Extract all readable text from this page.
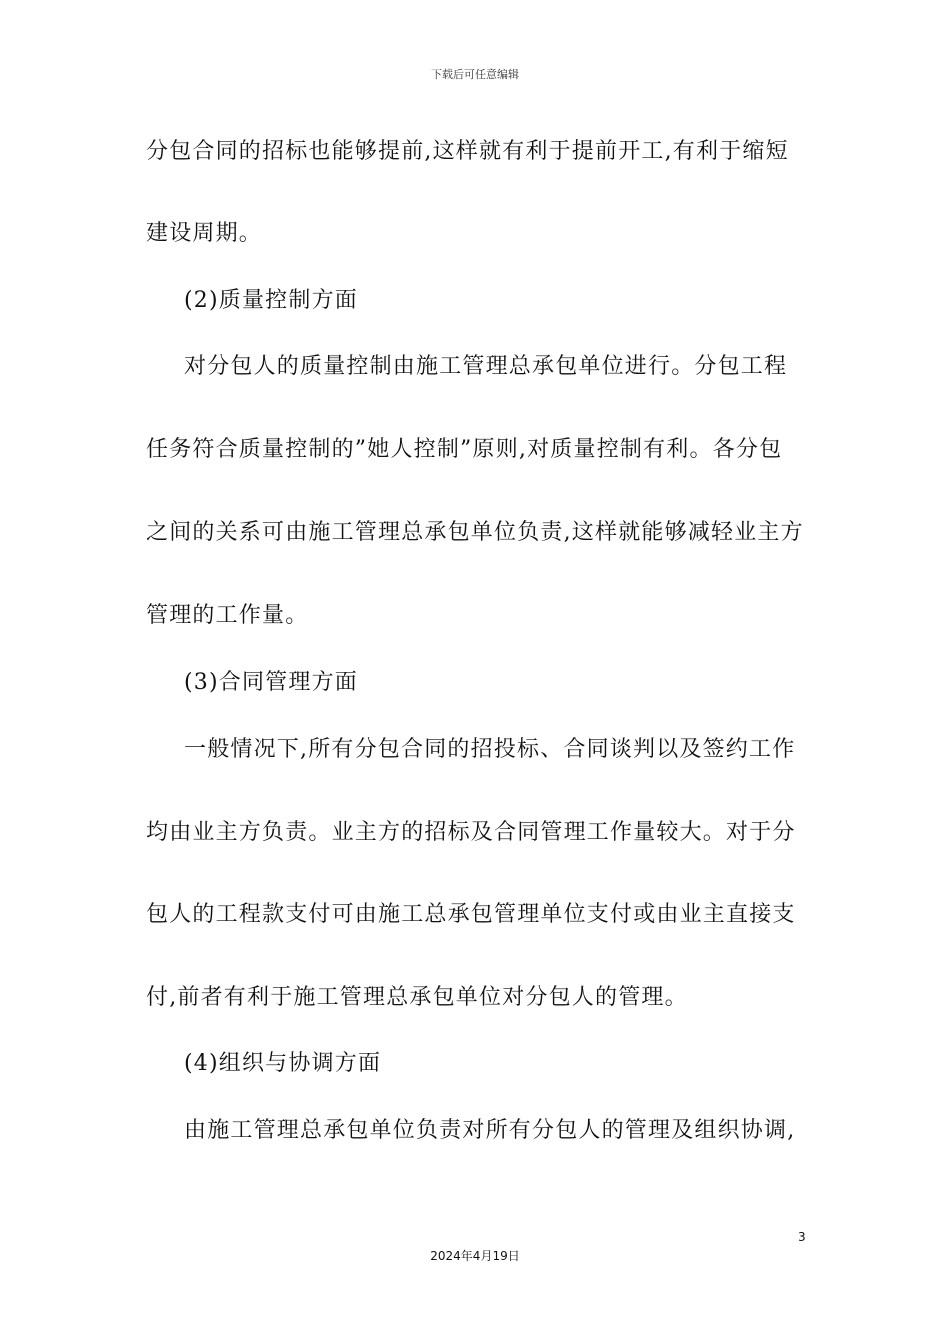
下载后可任意编辑
分包合同的招标也能够提前,这样就有利于提前开工,有利于缩短
建设周期。
(2)质量控制方面
对分包人的质量控制由施工管理总承包单位进行。分包工程
任务符合质量控制的”她人控制”原则,对质量控制有利。各分包
之间的关系可由施工管理总承包单位负责,这样就能够减轻业主方
管理的工作量。
(3)合同管理方面
一般情况下,所有分包合同的招投标、合同谈判以及签约工作
均由业主方负责。业主方的招标及合同管理工作量较大。对于分
包人的工程款支付可由施工总承包管理单位支付或由业主直接支
付,前者有利于施工管理总承包单位对分包人的管理。
(4)组织与协调方面
由施工管理总承包单位负责对所有分包人的管理及组织协调,
3
2024年4月19日
